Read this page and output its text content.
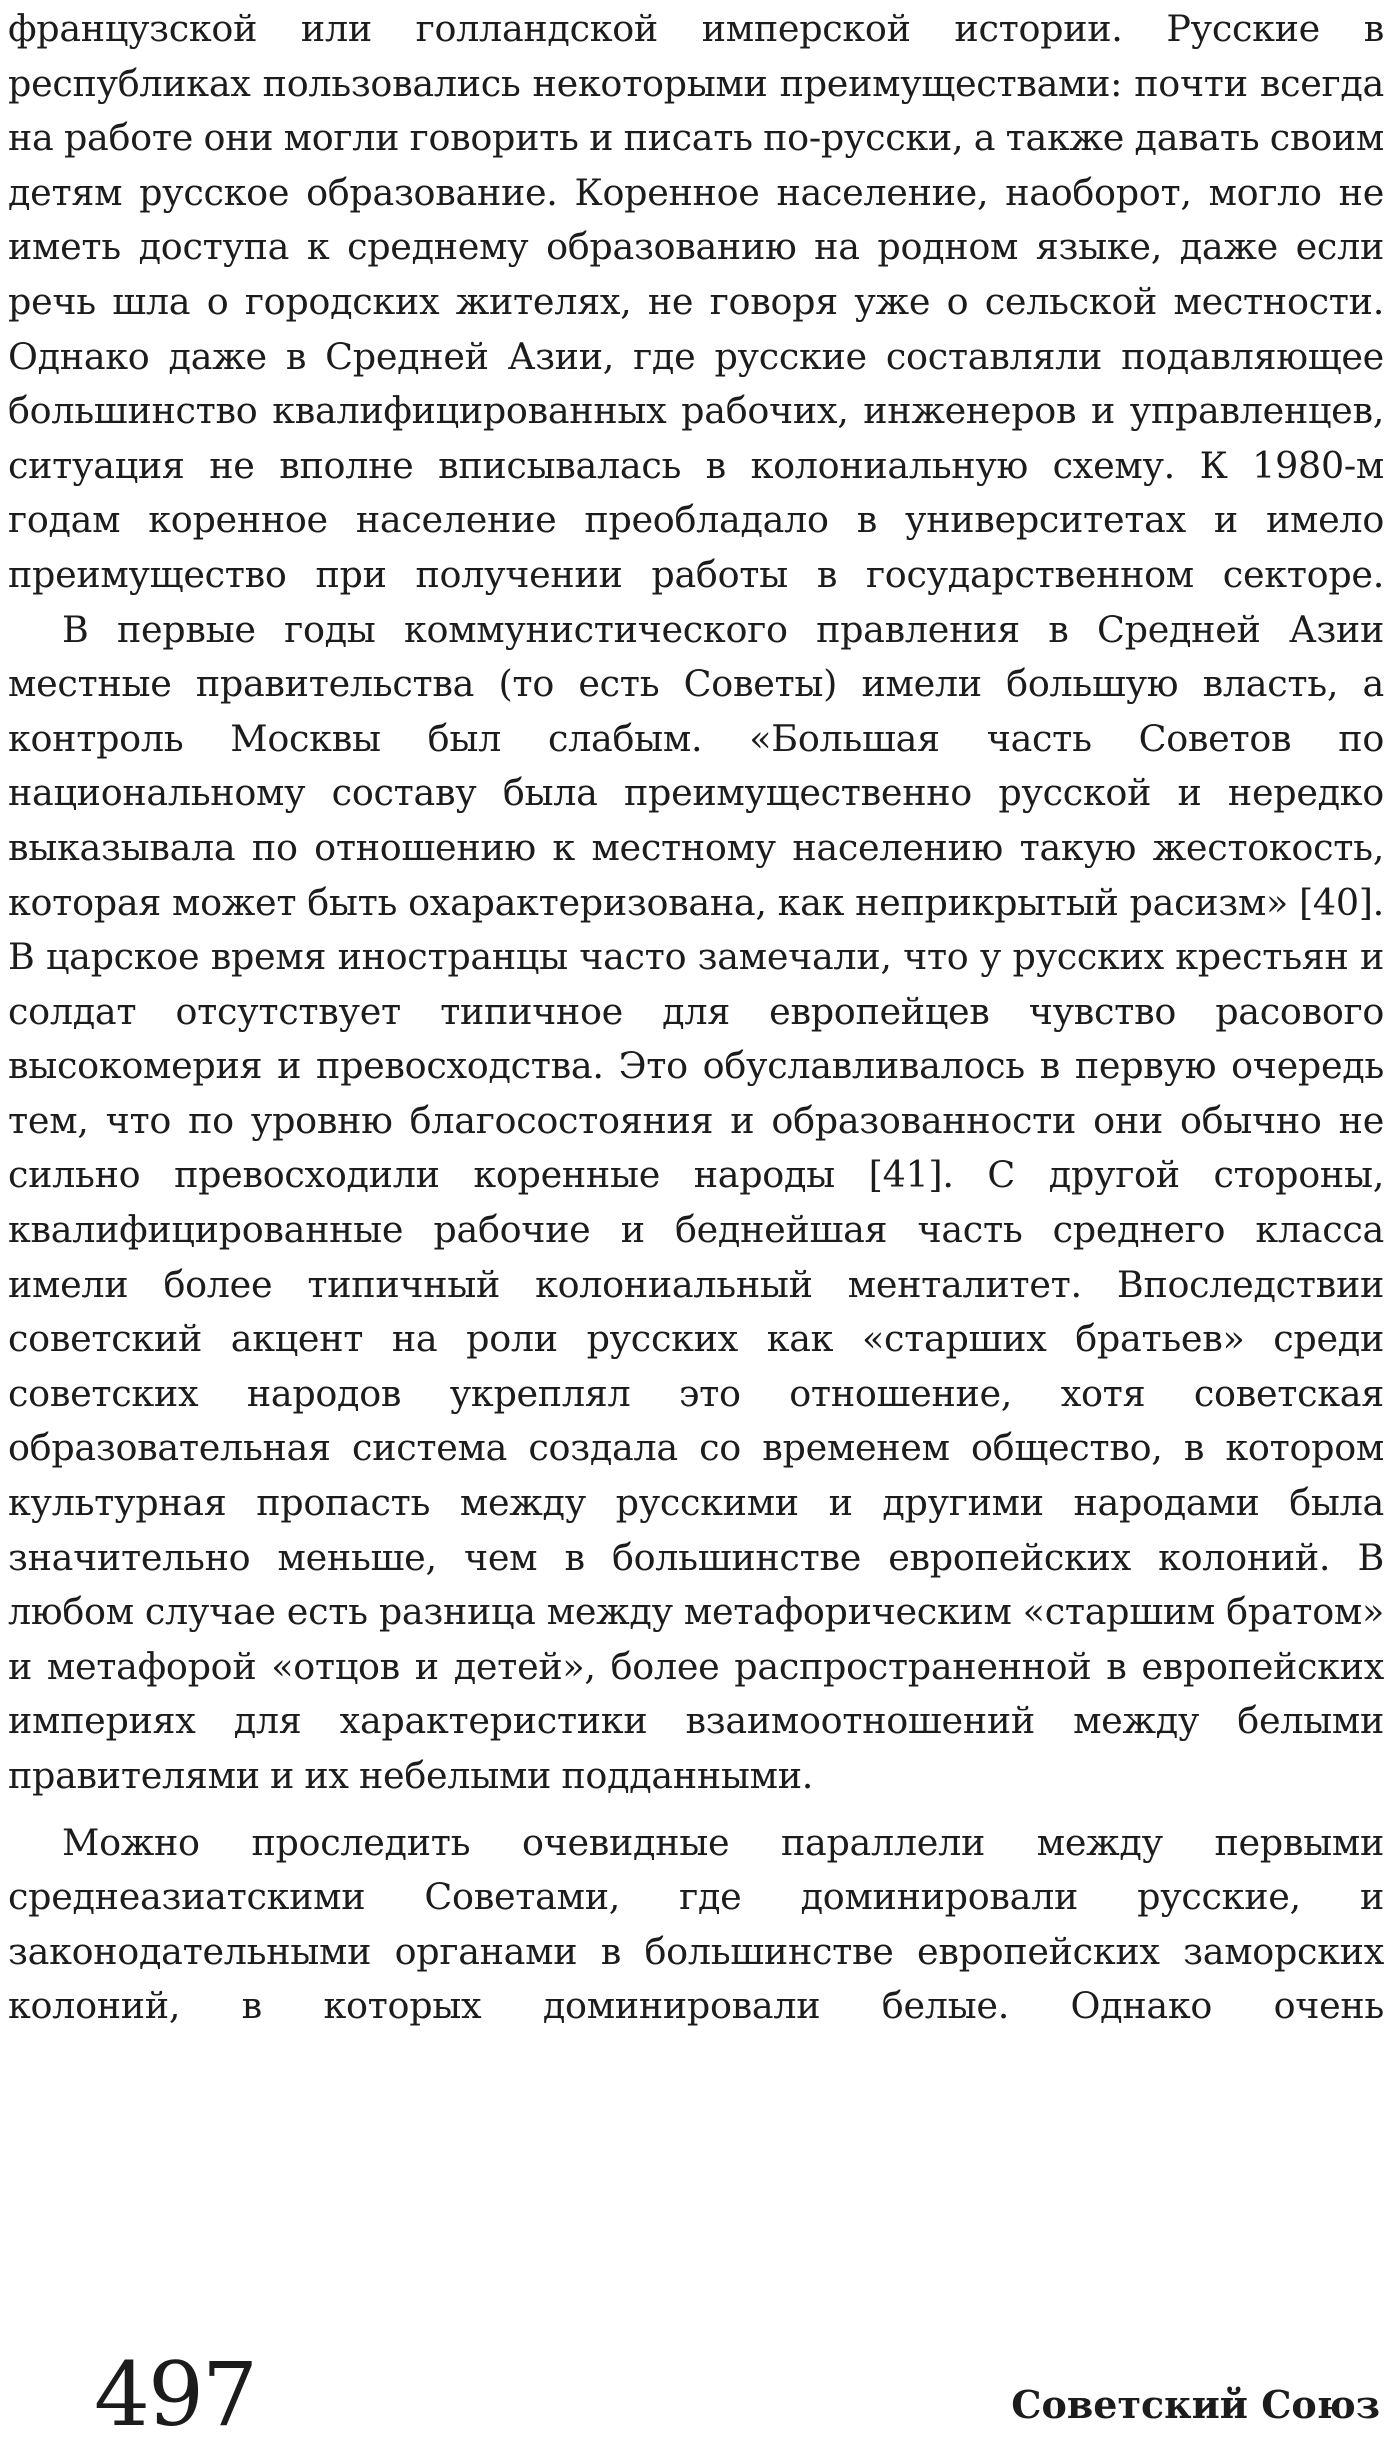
французской или голландской имперской истории. Русские в республиках пользовались некоторыми преимуществами: почти всегда на работе они могли говорить и писать по-русски, а также давать своим детям русское образование. Коренное население, наоборот, могло не иметь доступа к среднему образованию на родном языке, даже если речь шла о городских жителях, не говоря уже о сельской местности. Однако даже в Средней Азии, где русские составляли подавляющее большинство квалифицированных рабочих, инженеров и управленцев, ситуация не вполне вписывалась в колониальную схему. К 1980-м годам коренное население преобладало в университетах и имело преимущество при получении работы в государственном секторе.

В первые годы коммунистического правления в Средней Азии местные правительства (то есть Советы) имели большую власть, а контроль Москвы был слабым. «Большая часть Советов по национальному составу была преимущественно русской и нередко выказывала по отношению к местному населению такую жестокость, которая может быть охарактеризована, как неприкрытый расизм» [40]. В царское время иностранцы часто замечали, что у русских крестьян и солдат отсутствует типичное для европейцев чувство расового высокомерия и превосходства. Это обуславливалось в первую очередь тем, что по уровню благосостояния и образованности они обычно не сильно превосходили коренные народы [41]. С другой стороны, квалифицированные рабочие и беднейшая часть среднего класса имели более типичный колониальный менталитет. Впоследствии советский акцент на роли русских как «старших братьев» среди советских народов укреплял это отношение, хотя советская образовательная система создала со временем общество, в котором культурная пропасть между русскими и другими народами была значительно меньше, чем в большинстве европейских колоний. В любом случае есть разница между метафорическим «старшим братом» и метафорой «отцов и детей», более распространенной в европейских империях для характеристики взаимоотношений между белыми правителями и их небелыми подданными.

Можно проследить очевидные параллели между первыми среднеазиатскими Советами, где доминировали русские, и законодательными органами в большинстве европейских заморских колоний, в которых доминировали белые. Однако очень

497	Советский Союз
